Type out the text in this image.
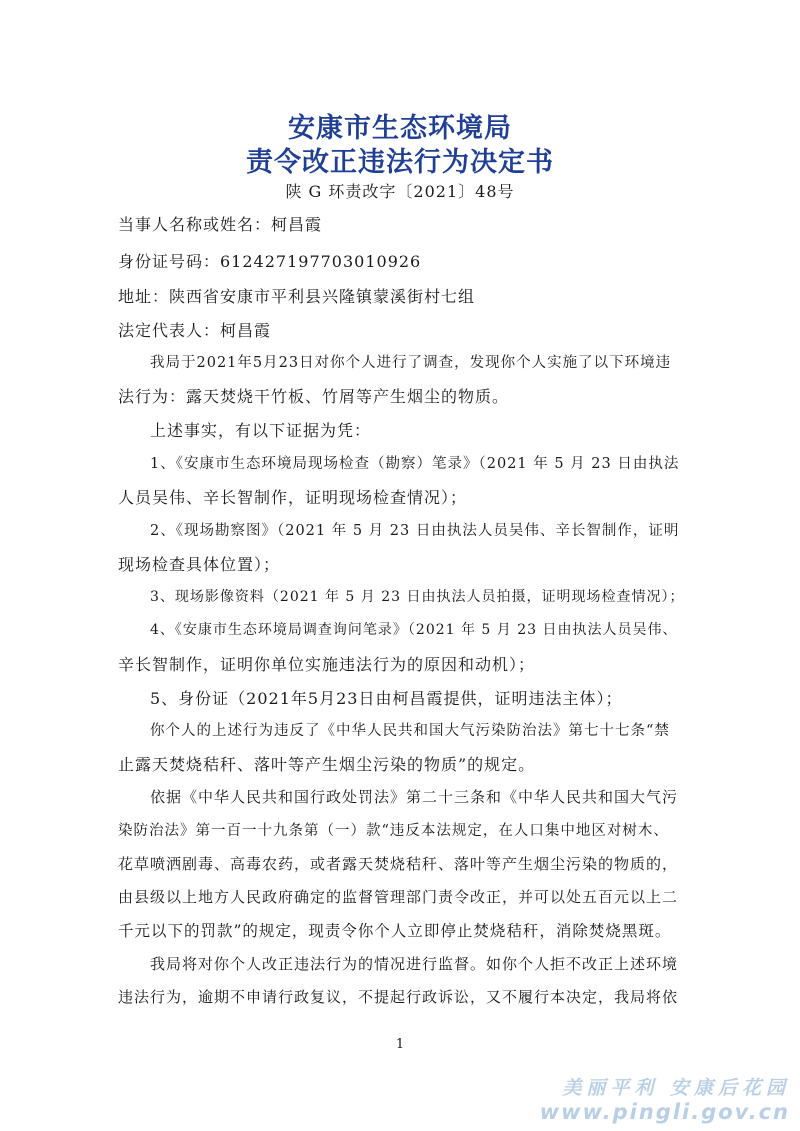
安康市生态环境局
责令改正违法行为决定书
陕 G 环责改字〔2021〕48号
当事人名称或姓名：柯昌霞
身份证号码：612427197703010926
地址：陕西省安康市平利县兴隆镇蒙溪街村七组
法定代表人：柯昌霞
我局于2021年5月23日对你个人进行了调查，发现你个人实施了以下环境违
法行为：露天焚烧干竹板、竹屑等产生烟尘的物质。
上述事实，有以下证据为凭：
1、《安康市生态环境局现场检查（勘察）笔录》（2021 年 5 月 23 日由执法
人员吴伟、辛长智制作，证明现场检查情况）；
2、《现场勘察图》（2021 年 5 月 23 日由执法人员吴伟、辛长智制作，证明
现场检查具体位置）；
3、现场影像资料（2021 年 5 月 23 日由执法人员拍摄，证明现场检查情况）；
4、《安康市生态环境局调查询问笔录》（2021 年 5 月 23 日由执法人员吴伟、
辛长智制作，证明你单位实施违法行为的原因和动机）；
5、身份证（2021年5月23日由柯昌霞提供，证明违法主体）；
你个人的上述行为违反了《中华人民共和国大气污染防治法》第七十七条“禁
止露天焚烧秸秆、落叶等产生烟尘污染的物质”的规定。
依据《中华人民共和国行政处罚法》第二十三条和《中华人民共和国大气污
染防治法》第一百一十九条第（一）款“违反本法规定，在人口集中地区对树木、
花草喷洒剧毒、高毒农药，或者露天焚烧秸秆、落叶等产生烟尘污染的物质的，
由县级以上地方人民政府确定的监督管理部门责令改正，并可以处五百元以上二
千元以下的罚款”的规定，现责令你个人立即停止焚烧秸秆，消除焚烧黑斑。
我局将对你个人改正违法行为的情况进行监督。如你个人拒不改正上述环境
违法行为，逾期不申请行政复议，不提起行政诉讼，又不履行本决定，我局将依
1
美丽平利 安康后花园
www.pingli.gov.cn
